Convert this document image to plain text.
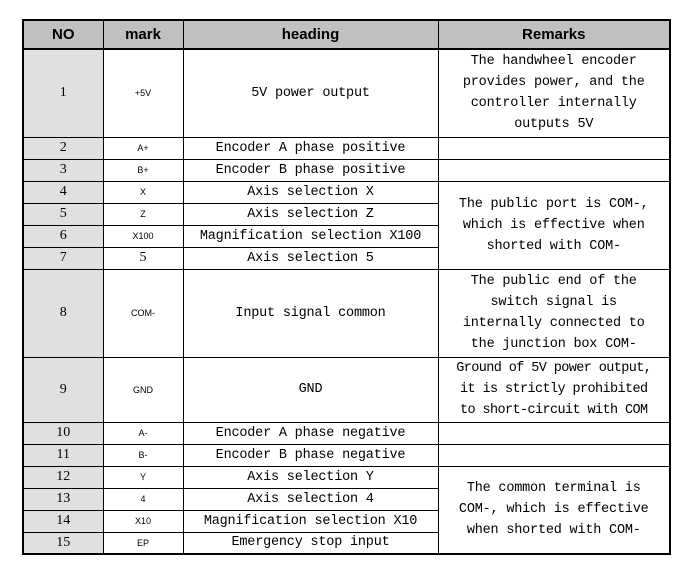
NO	mark	heading	Remarks
1	+5V	5V power output	The handwheel encoder
provides power, and the
controller internally
outputs 5V

2	A+	Encoder A phase positive	
3	B+	Encoder B phase positive	
4	X	Axis selection X	The public port is COM-,
which is effective when
shorted with COM-

5	Z	Axis selection Z	
6	X100	Magnification selection X100	
7	5	Axis selection 5	
8	COM-	Input signal common	The public end of the
switch signal is
internally connected to
the junction box COM-

9	GND	GND	Ground of 5V power output,
it is strictly prohibited
to short-circuit with COM

10	A-	Encoder A phase negative	
11	B-	Encoder B phase negative	
12	Y	Axis selection Y	The common terminal is
COM-, which is effective
when shorted with COM-

13	4	Axis selection 4	
14	X10	Magnification selection X10	
15	EP	Emergency stop input	
